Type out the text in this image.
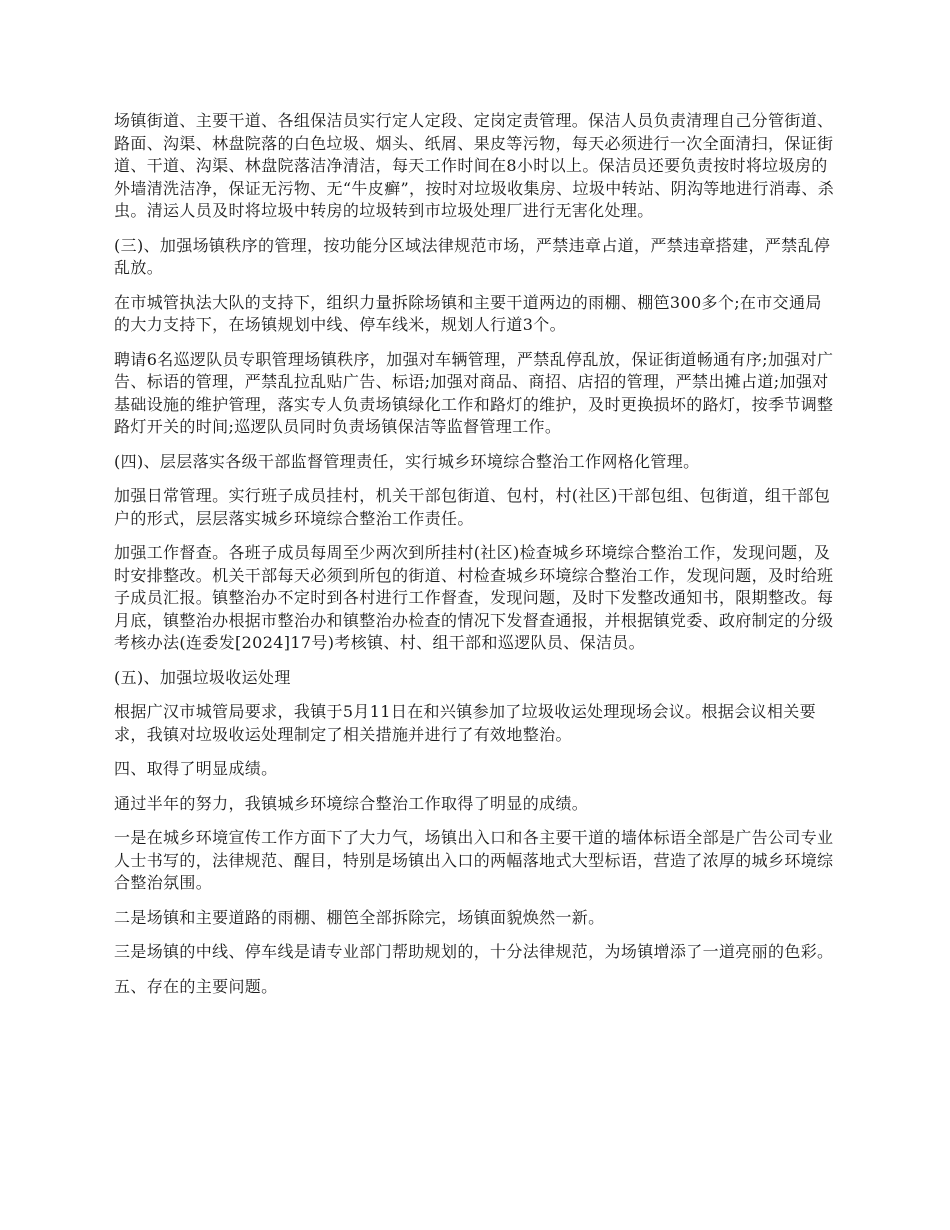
场镇街道、主要干道、各组保洁员实行定人定段、定岗定责管理。保洁人员负责清理自己分管街道、路面、沟渠、林盘院落的白色垃圾、烟头、纸屑、果皮等污物，每天必须进行一次全面清扫，保证街道、干道、沟渠、林盘院落洁净清洁，每天工作时间在8小时以上。保洁员还要负责按时将垃圾房的外墙清洗洁净，保证无污物、无“牛皮癣”，按时对垃圾收集房、垃圾中转站、阴沟等地进行消毒、杀虫。清运人员及时将垃圾中转房的垃圾转到市垃圾处理厂进行无害化处理。

(三)、加强场镇秩序的管理，按功能分区域法律规范市场，严禁违章占道，严禁违章搭建，严禁乱停乱放。

在市城管执法大队的支持下，组织力量拆除场镇和主要干道两边的雨棚、棚笆300多个;在市交通局的大力支持下，在场镇规划中线、停车线米，规划人行道3个。

聘请6名巡逻队员专职管理场镇秩序，加强对车辆管理，严禁乱停乱放，保证街道畅通有序;加强对广告、标语的管理，严禁乱拉乱贴广告、标语;加强对商品、商招、店招的管理，严禁出摊占道;加强对基础设施的维护管理，落实专人负责场镇绿化工作和路灯的维护，及时更换损坏的路灯，按季节调整路灯开关的时间;巡逻队员同时负责场镇保洁等监督管理工作。

(四)、层层落实各级干部监督管理责任，实行城乡环境综合整治工作网格化管理。

加强日常管理。实行班子成员挂村，机关干部包街道、包村，村(社区)干部包组、包街道，组干部包户的形式，层层落实城乡环境综合整治工作责任。

加强工作督查。各班子成员每周至少两次到所挂村(社区)检查城乡环境综合整治工作，发现问题，及时安排整改。机关干部每天必须到所包的街道、村检查城乡环境综合整治工作，发现问题，及时给班子成员汇报。镇整治办不定时到各村进行工作督查，发现问题，及时下发整改通知书，限期整改。每月底，镇整治办根据市整治办和镇整治办检查的情况下发督查通报，并根据镇党委、政府制定的分级考核办法(连委发[2024]17号)考核镇、村、组干部和巡逻队员、保洁员。

(五)、加强垃圾收运处理

根据广汉市城管局要求，我镇于5月11日在和兴镇参加了垃圾收运处理现场会议。根据会议相关要求，我镇对垃圾收运处理制定了相关措施并进行了有效地整治。

四、取得了明显成绩。

通过半年的努力，我镇城乡环境综合整治工作取得了明显的成绩。

一是在城乡环境宣传工作方面下了大力气，场镇出入口和各主要干道的墙体标语全部是广告公司专业人士书写的，法律规范、醒目，特别是场镇出入口的两幅落地式大型标语，营造了浓厚的城乡环境综合整治氛围。

二是场镇和主要道路的雨棚、棚笆全部拆除完，场镇面貌焕然一新。

三是场镇的中线、停车线是请专业部门帮助规划的，十分法律规范，为场镇增添了一道亮丽的色彩。

五、存在的主要问题。
